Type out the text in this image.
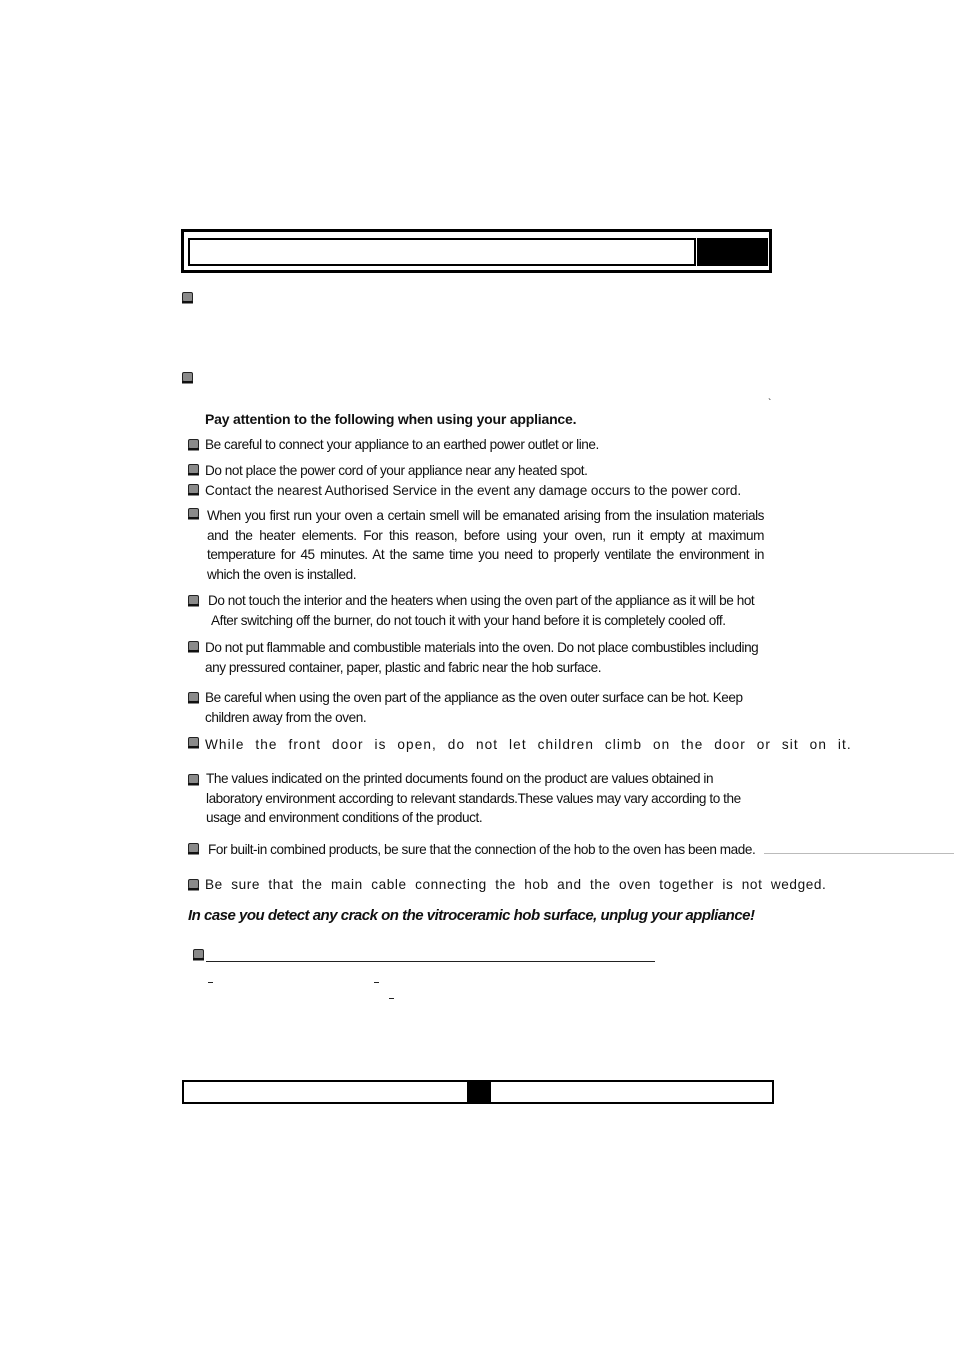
`
Pay attention to the following when using your appliance.

Be careful to connect your appliance to an earthed power outlet or line.

Do not place the power cord of your appliance near any heated spot.

Contact the nearest Authorised Service in the event any damage occurs to the power cord.

When you first run your oven a certain smell will be emanated arising from the insulation materials and the heater elements. For this reason, before using your oven, run it empty at maximum temperature for 45 minutes. At the same time you need to properly ventilate the environment in which the oven is installed.

Do not touch the interior and the heaters when using the oven part of the appliance as it will be hot

After switching off the burner, do not touch it with your hand before it is completely cooled off.

Do not put flammable and combustible materials into the oven. Do not place combustibles including any pressured container, paper, plastic and fabric near the hob surface.

Be careful when using the oven part of the appliance as the oven outer surface can be hot. Keep children away from the oven.

While the front door is open, do not let children climb on the door or sit on it.

The values indicated on the printed documents found on the product are values obtained in laboratory environment according to relevant standards.These values may vary according to the usage and environment conditions of the product.

For built-in combined products, be sure that the connection of the hob to the oven has been made.

Be sure that the main cable connecting the hob and the oven together is not wedged.

In case you detect any crack on the vitroceramic hob surface, unplug your appliance!
